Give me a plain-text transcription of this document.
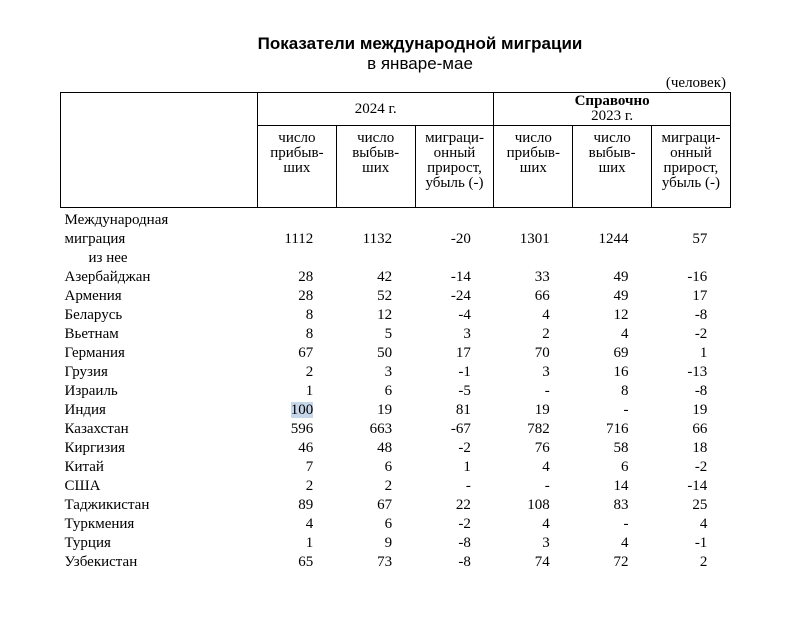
Показатели международной миграции
в январе-мае
(человек)
	2024 г.			Справочно
2023 г.		

	число
прибыв-
ших	число
выбыв-
ших	миграци-
онный
прирост,
убыль (-)	число
прибыв-
ших	число
выбыв-
ших	миграци-
онный
прирост,
убыль (-)
Международная
миграция	1112	1132	-20	1301	1244	57
из нее						
Азербайджан	28	42	-14	33	49	-16
Армения	28	52	-24	66	49	17
Беларусь	8	12	-4	4	12	-8
Вьетнам	8	5	3	2	4	-2
Германия	67	50	17	70	69	1
Грузия	2	3	-1	3	16	-13
Израиль	1	6	-5	-	8	-8
Индия	100	19	81	19	-	19
Казахстан	596	663	-67	782	716	66
Киргизия	46	48	-2	76	58	18
Китай	7	6	1	4	6	-2
США	2	2	-	-	14	-14
Таджикистан	89	67	22	108	83	25
Туркмения	4	6	-2	4	-	4
Турция	1	9	-8	3	4	-1
Узбекистан	65	73	-8	74	72	2
